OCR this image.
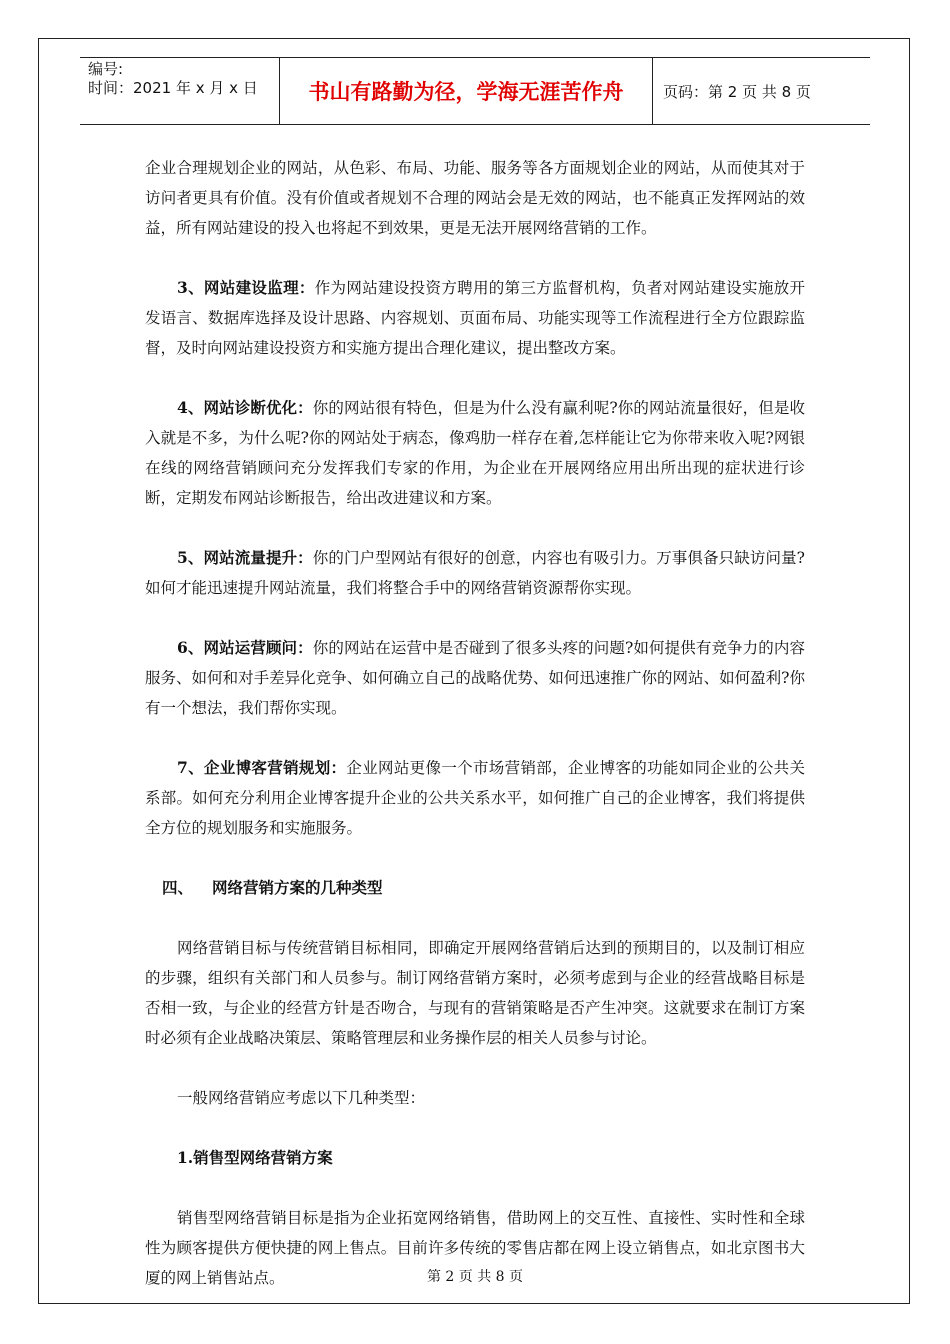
编号:
时间：2021 年 x 月 x 日	书山有路勤为径，学海无涯苦作舟	页码：第 2 页 共 8 页

企业合理规划企业的网站，从色彩、布局、功能、服务等各方面规划企业的网站，从而使其对于访问者更具有价值。没有价值或者规划不合理的网站会是无效的网站，也不能真正发挥网站的效益，所有网站建设的投入也将起不到效果，更是无法开展网络营销的工作。

3、网站建设监理：作为网站建设投资方聘用的第三方监督机构，负者对网站建设实施放开发语言、数据库选择及设计思路、内容规划、页面布局、功能实现等工作流程进行全方位跟踪监督，及时向网站建设投资方和实施方提出合理化建议，提出整改方案。

4、网站诊断优化：你的网站很有特色，但是为什么没有赢利呢?你的网站流量很好，但是收入就是不多，为什么呢?你的网站处于病态，像鸡肋一样存在着,怎样能让它为你带来收入呢?网银在线的网络营销顾问充分发挥我们专家的作用，为企业在开展网络应用出所出现的症状进行诊断，定期发布网站诊断报告，给出改进建议和方案。

5、网站流量提升：你的门户型网站有很好的创意，内容也有吸引力。万事俱备只缺访问量?如何才能迅速提升网站流量，我们将整合手中的网络营销资源帮你实现。

6、网站运营顾问：你的网站在运营中是否碰到了很多头疼的问题?如何提供有竞争力的内容服务、如何和对手差异化竞争、如何确立自己的战略优势、如何迅速推广你的网站、如何盈利?你有一个想法，我们帮你实现。

7、企业博客营销规划：企业网站更像一个市场营销部，企业博客的功能如同企业的公共关系部。如何充分利用企业博客提升企业的公共关系水平，如何推广自己的企业博客，我们将提供全方位的规划服务和实施服务。

四、 网络营销方案的几种类型

网络营销目标与传统营销目标相同，即确定开展网络营销后达到的预期目的，以及制订相应的步骤，组织有关部门和人员参与。制订网络营销方案时，必须考虑到与企业的经营战略目标是否相一致，与企业的经营方针是否吻合，与现有的营销策略是否产生冲突。这就要求在制订方案时必须有企业战略决策层、策略管理层和业务操作层的相关人员参与讨论。

一般网络营销应考虑以下几种类型：

1.销售型网络营销方案

销售型网络营销目标是指为企业拓宽网络销售，借助网上的交互性、直接性、实时性和全球性为顾客提供方便快捷的网上售点。目前许多传统的零售店都在网上设立销售点，如北京图书大厦的网上销售站点。	第 2 页 共 8 页
